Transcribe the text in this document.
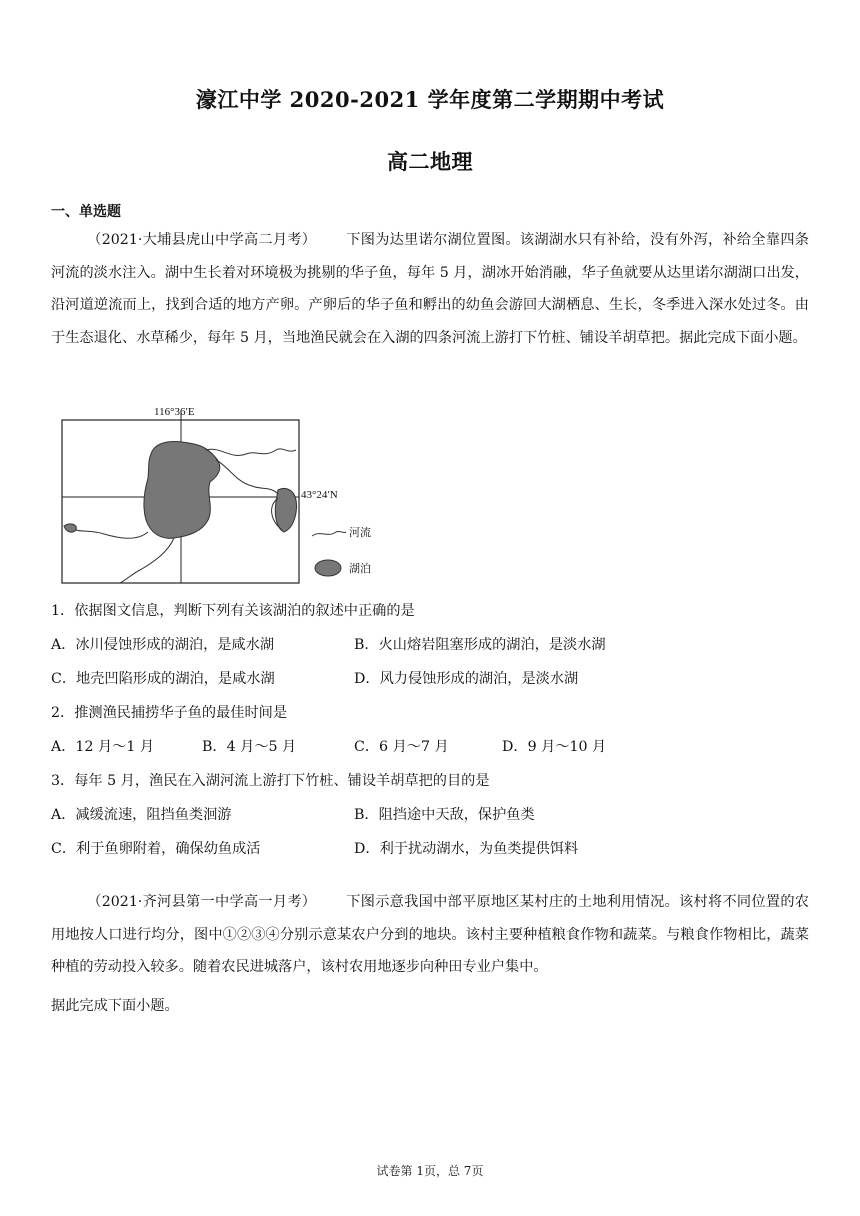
濠江中学 2020-2021 学年度第二学期期中考试
高二地理
一、单选题
（2021·大埔县虎山中学高二月考） 下图为达里诺尔湖位置图。该湖湖水只有补给，没有外泻，补给全靠四条河流的淡水注入。湖中生长着对环境极为挑剔的华子鱼，每年 5 月，湖冰开始消融，华子鱼就要从达里诺尔湖湖口出发，沿河道逆流而上，找到合适的地方产卵。产卵后的华子鱼和孵出的幼鱼会游回大湖栖息、生长，冬季进入深水处过冬。由于生态退化、水草稀少，每年 5 月，当地渔民就会在入湖的四条河流上游打下竹桩、铺设羊胡草把。据此完成下面小题。
116°36′E
43°24′N
河流
湖泊
1．依据图文信息，判断下列有关该湖泊的叙述中正确的是
A．冰川侵蚀形成的湖泊，是咸水湖	B．火山熔岩阻塞形成的湖泊，是淡水湖
C．地壳凹陷形成的湖泊，是咸水湖	D．风力侵蚀形成的湖泊，是淡水湖
2．推测渔民捕捞华子鱼的最佳时间是
A．12 月～1 月	B．4 月～5 月	C．6 月～7 月	D．9 月～10 月
3．每年 5 月，渔民在入湖河流上游打下竹桩、铺设羊胡草把的目的是
A．减缓流速，阻挡鱼类洄游	B．阻挡途中天敌，保护鱼类
C．利于鱼卵附着，确保幼鱼成活	D．利于扰动湖水，为鱼类提供饵料
（2021·齐河县第一中学高一月考） 下图示意我国中部平原地区某村庄的土地利用情况。该村将不同位置的农用地按人口进行均分，图中①②③④分别示意某农户分到的地块。该村主要种植粮食作物和蔬菜。与粮食作物相比，蔬菜种植的劳动投入较多。随着农民进城落户，该村农用地逐步向种田专业户集中。
据此完成下面小题。
试卷第 1页，总 7页
